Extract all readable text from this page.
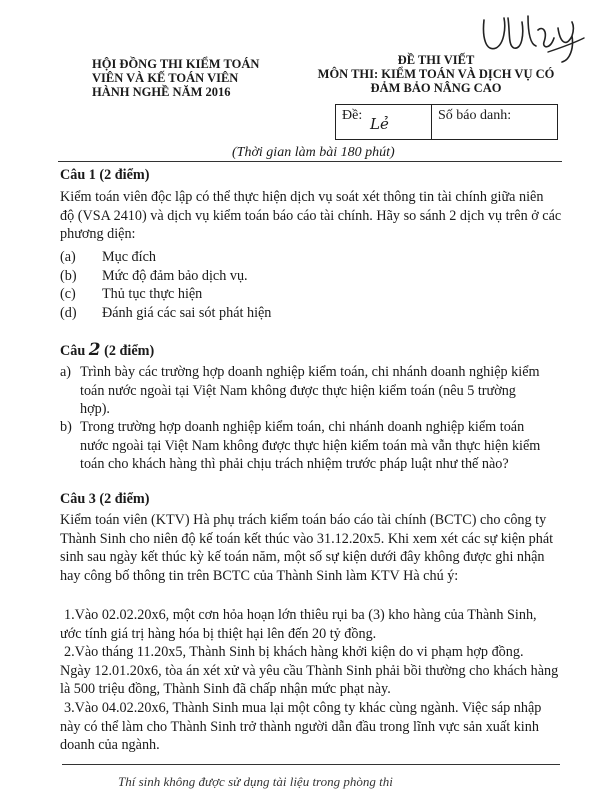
HỘI ĐỒNG THI KIỂM TOÁN
VIÊN VÀ KẾ TOÁN VIÊN
HÀNH NGHỀ NĂM 2016
ĐỀ THI VIẾT
MÔN THI: KIỂM TOÁN VÀ DỊCH VỤ CÓ
ĐẢM BẢO NÂNG CAO
Đề: Lẻ	Số báo danh:
(Thời gian làm bài 180 phút)
Câu 1 (2 điểm)
Kiểm toán viên độc lập có thể thực hiện dịch vụ soát xét thông tin tài chính giữa niên
độ (VSA 2410) và dịch vụ kiểm toán báo cáo tài chính. Hãy so sánh 2 dịch vụ trên ở các
phương diện:
(a) Mục đích
(b) Mức độ đảm bảo dịch vụ.
(c) Thủ tục thực hiện
(d) Đánh giá các sai sót phát hiện
Câu 2 (2 điểm)
a) Trình bày các trường hợp doanh nghiệp kiểm toán, chi nhánh doanh nghiệp kiểm
toán nước ngoài tại Việt Nam không được thực hiện kiểm toán (nêu 5 trường
hợp).
b) Trong trường hợp doanh nghiệp kiểm toán, chi nhánh doanh nghiệp kiểm toán
nước ngoài tại Việt Nam không được thực hiện kiểm toán mà vẫn thực hiện kiểm
toán cho khách hàng thì phải chịu trách nhiệm trước pháp luật như thế nào?
Câu 3 (2 điểm)
Kiểm toán viên (KTV) Hà phụ trách kiểm toán báo cáo tài chính (BCTC) cho công ty
Thành Sinh cho niên độ kế toán kết thúc vào 31.12.20x5. Khi xem xét các sự kiện phát
sinh sau ngày kết thúc kỳ kế toán năm, một số sự kiện dưới đây không được ghi nhận
hay công bố thông tin trên BCTC của Thành Sinh làm KTV Hà chú ý:
1.Vào 02.02.20x6, một cơn hỏa hoạn lớn thiêu rụi ba (3) kho hàng của Thành Sinh,
ước tính giá trị hàng hóa bị thiệt hại lên đến 20 tỷ đồng.
2.Vào tháng 11.20x5, Thành Sinh bị khách hàng khởi kiện do vi phạm hợp đồng.
Ngày 12.01.20x6, tòa án xét xử và yêu cầu Thành Sinh phải bồi thường cho khách hàng
là 500 triệu đồng, Thành Sinh đã chấp nhận mức phạt này.
3.Vào 04.02.20x6, Thành Sinh mua lại một công ty khác cùng ngành. Việc sáp nhập
này có thể làm cho Thành Sinh trở thành người dẫn đầu trong lĩnh vực sản xuất kinh
doanh của ngành.
Thí sinh không được sử dụng tài liệu trong phòng thi
